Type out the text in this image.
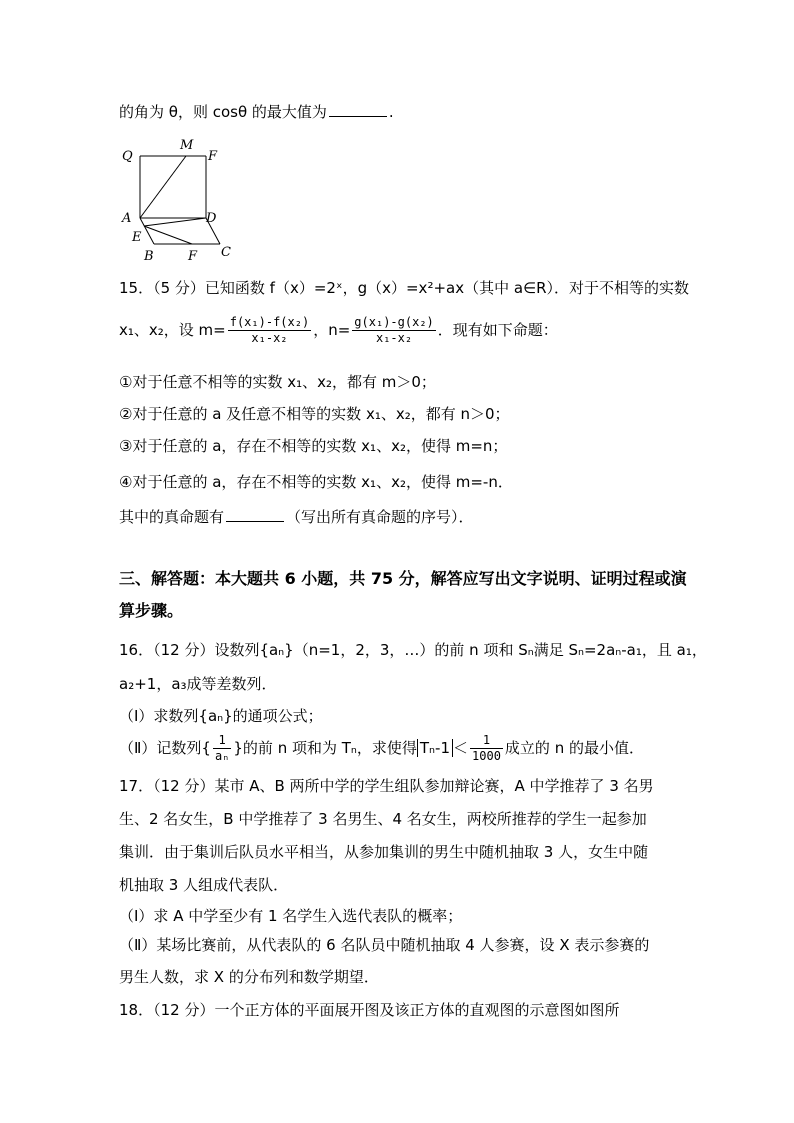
的角为 θ，则 cosθ 的最大值为	.
Q
M
F
A	D
E
B	F C
15．（5 分）已知函数 f（x）=2ˣ，g（x）=x²+ax（其中 a∈R）．对于不相等的实数
x₁、x₂，设 $m= \frac{\text{f(x₁)-f(x₂)}}{\text{x₁-x₂}}$ ，$n= \frac{\text{g(x₁)-g(x₂)}}{\text{x₁-x₂}}$ ．现有如下命题：
①对于任意不相等的实数 x₁、x₂，都有 m＞0；
②对于任意的 a 及任意不相等的实数 x₁、x₂，都有 n＞0；
③对于任意的 a，存在不相等的实数 x₁、x₂，使得 m=n；
④对于任意的 a，存在不相等的实数 x₁、x₂，使得 m=-n．
其中的真命题有	（写出所有真命题的序号）．
三、解答题：本大题共 6 小题，共 75 分，解答应写出文字说明、证明过程或演
算步骤。
16．（12 分）设数列{aₙ}（n=1，2，3，…）的前 n 项和 Sₙ满足 Sₙ=2aₙ-a₁，且 a₁，
a₂+1，a₃成等差数列．
（Ⅰ）求数列{aₙ}的通项公式；
（Ⅱ）记数列{ $\frac{1}{\text{aₙ}}$ }的前 n 项和为 Tₙ，求使得 $T_n-1 < \frac{1}{1000}$ 成立的 n 的最小值．
17．（12 分）某市 A、B 两所中学的学生组队参加辩论赛，A 中学推荐了 3 名男
生、2 名女生，B 中学推荐了 3 名男生、4 名女生，两校所推荐的学生一起参加
集训．由于集训后队员水平相当，从参加集训的男生中随机抽取 3 人，女生中随
机抽取 3 人组成代表队．
（Ⅰ）求 A 中学至少有 1 名学生入选代表队的概率；
（Ⅱ）某场比赛前，从代表队的 6 名队员中随机抽取 4 人参赛，设 X 表示参赛的
男生人数，求 X 的分布列和数学期望．
18．（12 分）一个正方体的平面展开图及该正方体的直观图的示意图如图所
